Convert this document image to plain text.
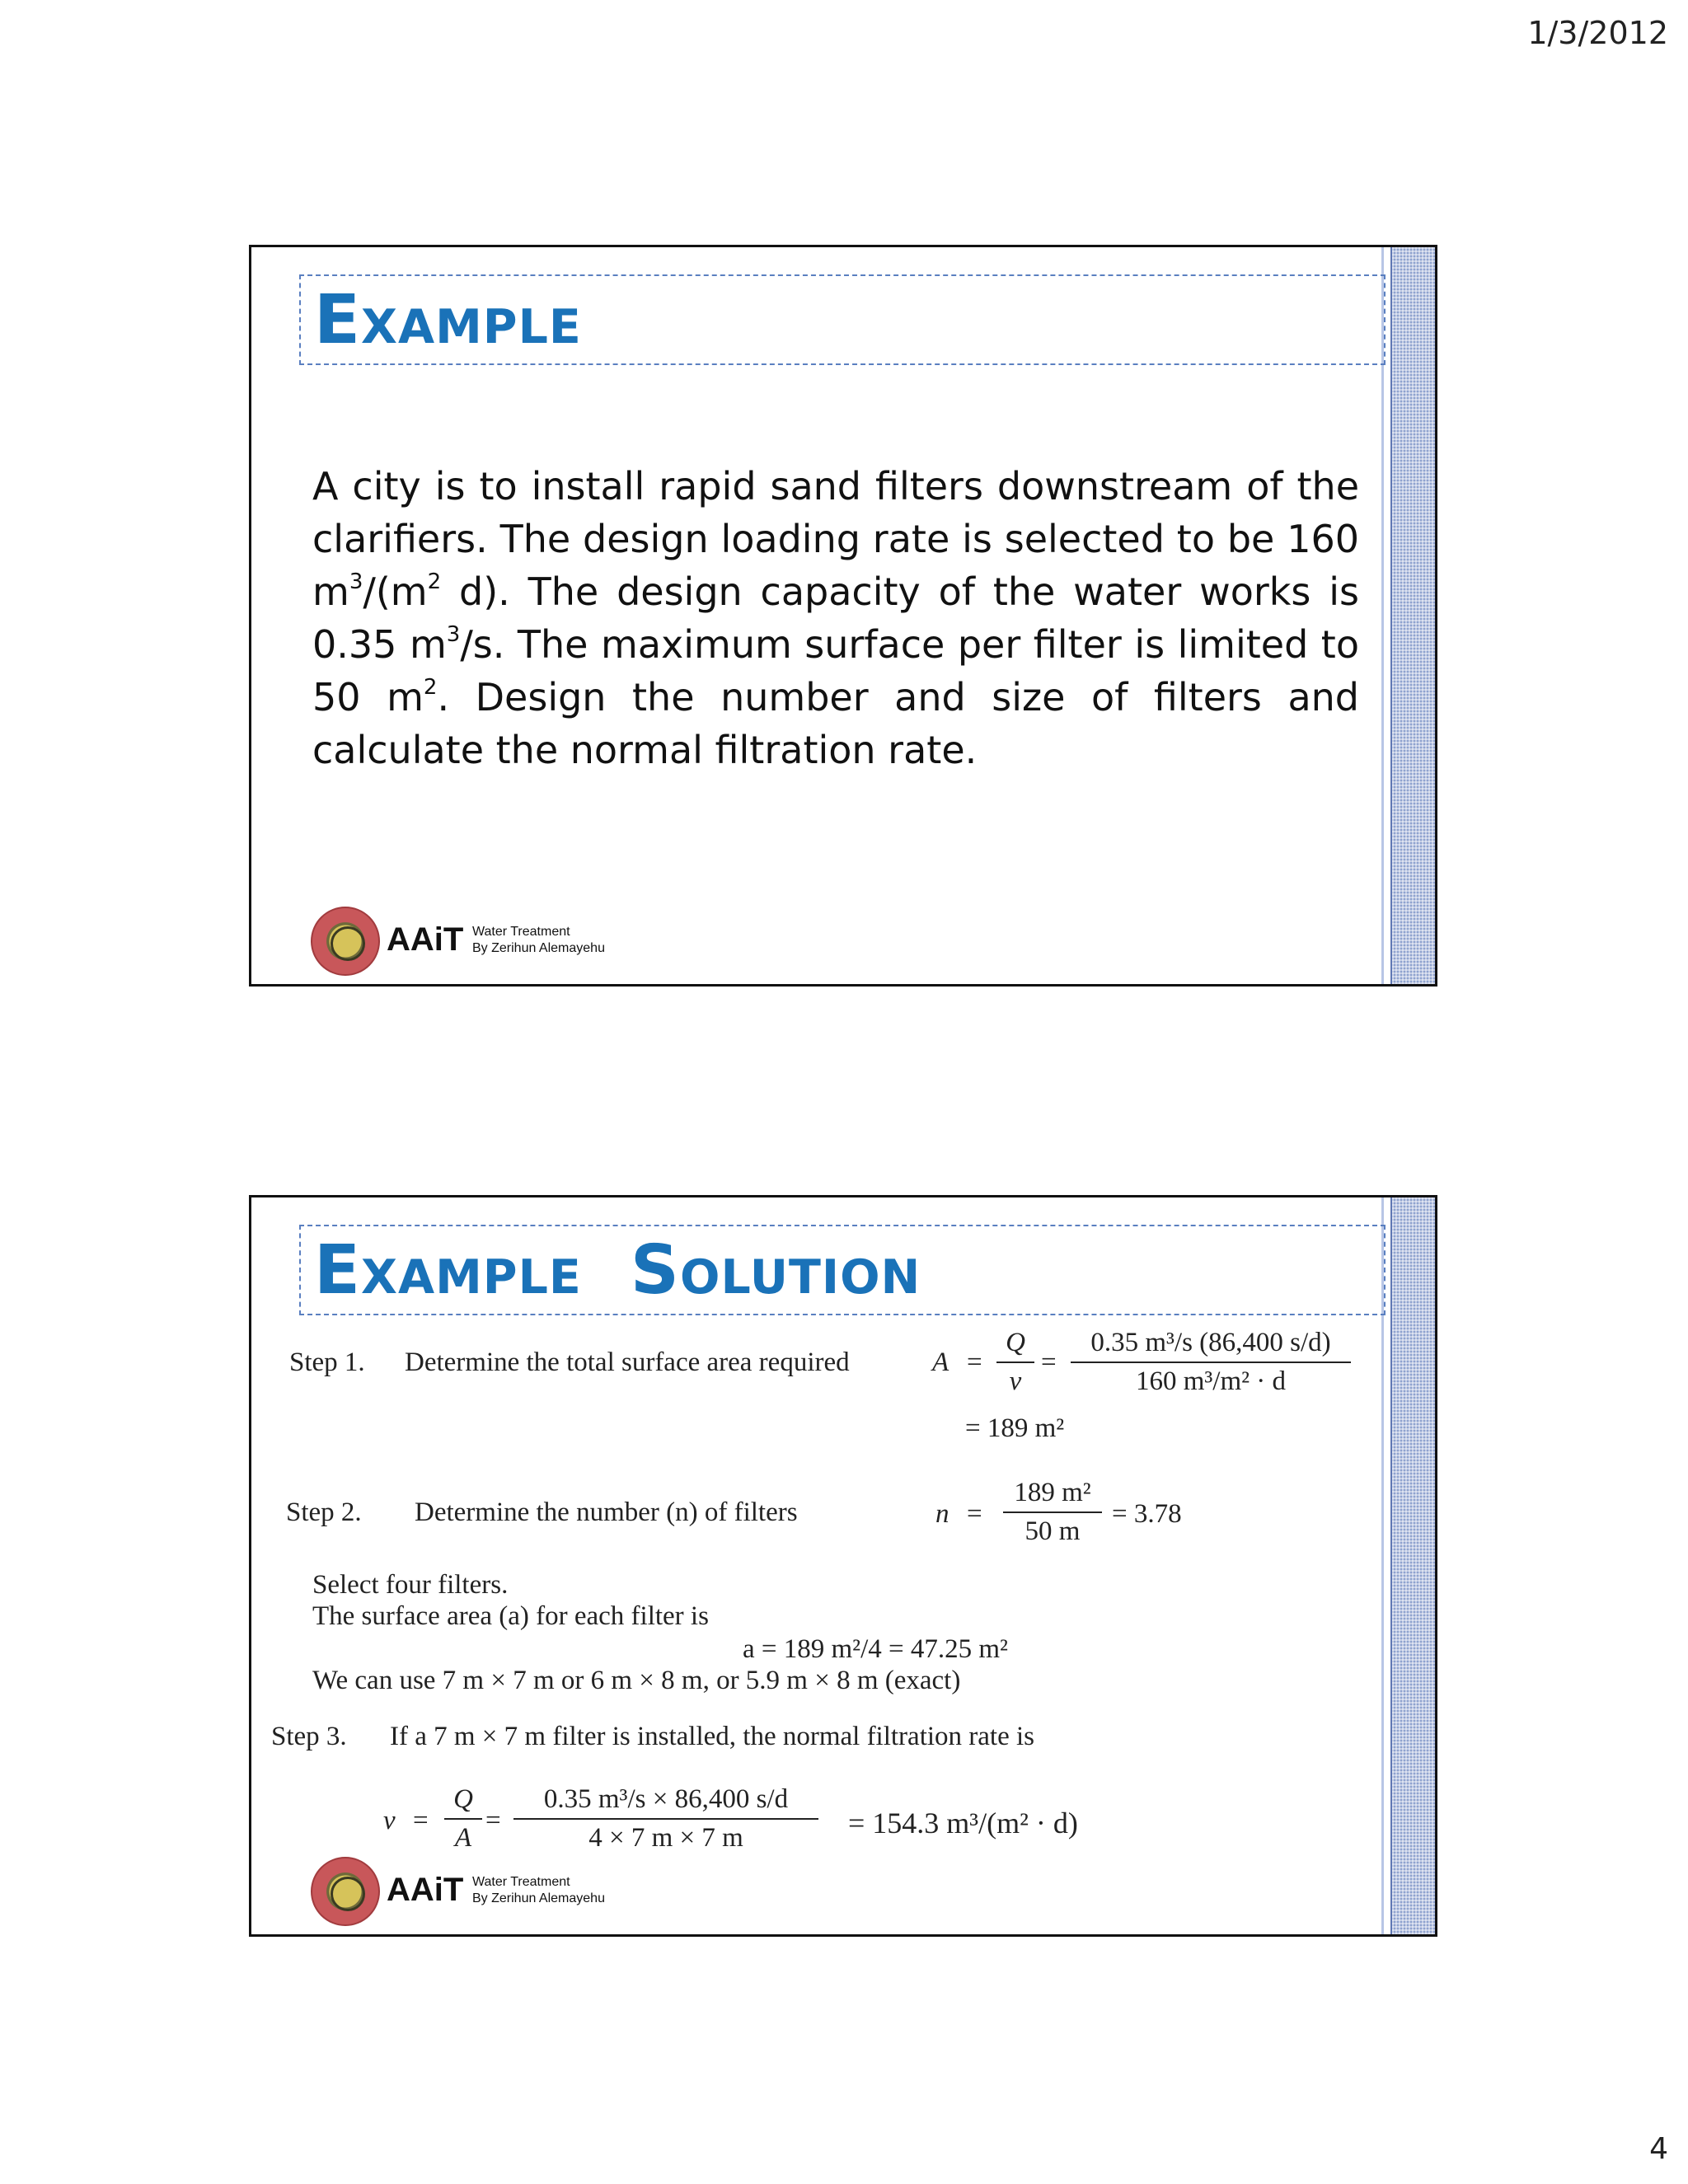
1/3/2012
Example

A city is to install rapid sand filters downstream of the clarifiers. The design loading rate is selected to be 160 $m^3/(m^2$ d). The design capacity of the water works is 0.35 $m^3/s$. The maximum surface per filter is limited to 50 $m^2$. Design the number and size of filters and calculate the normal filtration rate.

AAiT Water Treatment
By Zerihun Alemayehu
Example  Solution
Step 1. Determine the total surface area required	$A = \frac{Q}{v} = \frac{\text{0.35 m³/s (86,400 s/d)}}{\text{160 m³/m² · d}}$
= 189 m²
Step 2. Determine the number (n) of filters	$n = \frac{\text{189 m²}}{50 m} = 3.78$
Select four filters.
The surface area (a) for each filter is
a = 189 m²/4 = 47.25 m²
We can use 7 m × 7 m or 6 m × 8 m, or 5.9 m × 8 m (exact)
Step 3. If a 7 m × 7 m filter is installed, the normal filtration rate is
$v = \frac{Q}{A} = \frac{\text{0.35 m³/s × 86,400 s/d}}{4 \times 7 m \times 7 m} = 154.3$ m³/(m² · d)
AAiT Water Treatment
By Zerihun Alemayehu
4
